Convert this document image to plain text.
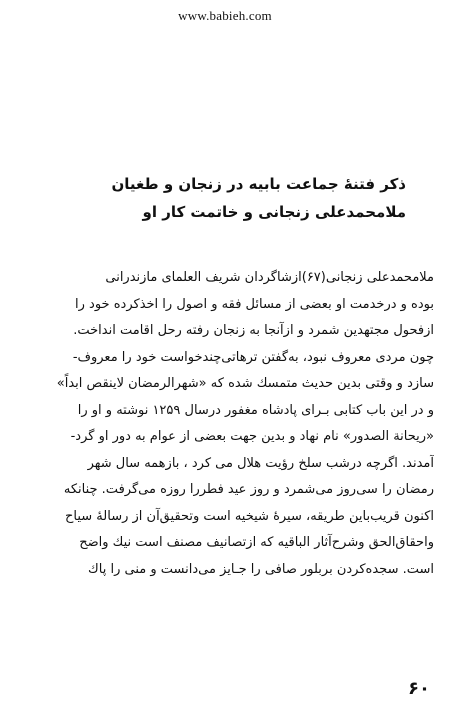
www.babieh.com
ذکر فتنۀ جماعت بابیه در زنجان و طغیان
ملامحمدعلی زنجانی و خاتمت کار او
ملامحمدعلی زنجانی(۶۷)ازشاگردان شریف العلمای مازندرانی
بوده و درخدمت او بعضی از مسائل فقه و اصول را اخذکرده خود را
ازفحول مجتهدین شمرد و ازآنجا به زنجان رفته رحل اقامت انداخت.
چون مردی معروف نبود، به‌گفتن ترهاتی‌چندخواست خود را معروف-
سازد و وقتی بدین حدیث متمسك شده که «شهرالرمضان لاینقص ابداً»
و در این باب کتابی بـرای پادشاه مغفور درسال ۱۲۵۹ نوشته و او را
«ریحانة الصدور» نام نهاد و بدین جهت بعضی از عوام به دور او گرد-
آمدند. اگرچه درشب سلخ رؤیت هلال می کرد ، بازهمه سال شهر
رمضان را سی‌روز می‌شمرد و روز عید فطررا روزه می‌گرفت. چنانکه
اکنون قریب‌باین طریقه، سیرهٔ شیخیه است وتحقیق‌آن از رسالهٔ سیاح
واحقاق‌الحق وشرح‌آثار الباقیه که ازتصانیف مصنف است نیك واضح
است. سجده‌کردن بربلور صافی را جـایز می‌دانست و منی را پاك
۶۰
